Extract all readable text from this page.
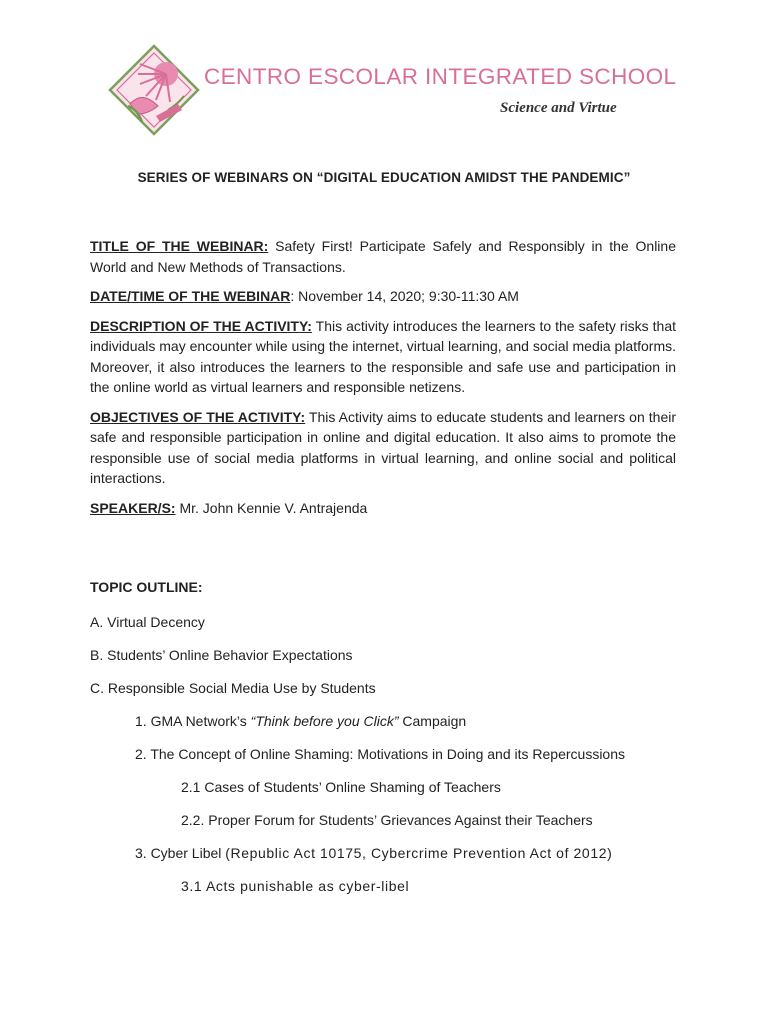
CENTRO ESCOLAR INTEGRATED SCHOOL
Science and Virtue
SERIES OF WEBINARS ON “DIGITAL EDUCATION AMIDST THE PANDEMIC”

TITLE OF THE WEBINAR: Safety First! Participate Safely and Responsibly in the Online World and New Methods of Transactions.

DATE/TIME OF THE WEBINAR: November 14, 2020; 9:30-11:30 AM

DESCRIPTION OF THE ACTIVITY: This activity introduces the learners to the safety risks that individuals may encounter while using the internet, virtual learning, and social media platforms. Moreover, it also introduces the learners to the responsible and safe use and participation in the online world as virtual learners and responsible netizens.

OBJECTIVES OF THE ACTIVITY: This Activity aims to educate students and learners on their safe and responsible participation in online and digital education. It also aims to promote the responsible use of social media platforms in virtual learning, and online social and political interactions.

SPEAKER/S: Mr. John Kennie V. Antrajenda

TOPIC OUTLINE:
A. Virtual Decency
B. Students’ Online Behavior Expectations
C. Responsible Social Media Use by Students
1. GMA Network’s “Think before you Click” Campaign
2. The Concept of Online Shaming: Motivations in Doing and its Repercussions
2.1 Cases of Students’ Online Shaming of Teachers
2.2. Proper Forum for Students’ Grievances Against their Teachers
3. Cyber Libel (Republic Act 10175, Cybercrime Prevention Act of 2012)
3.1 Acts punishable as cyber-libel
